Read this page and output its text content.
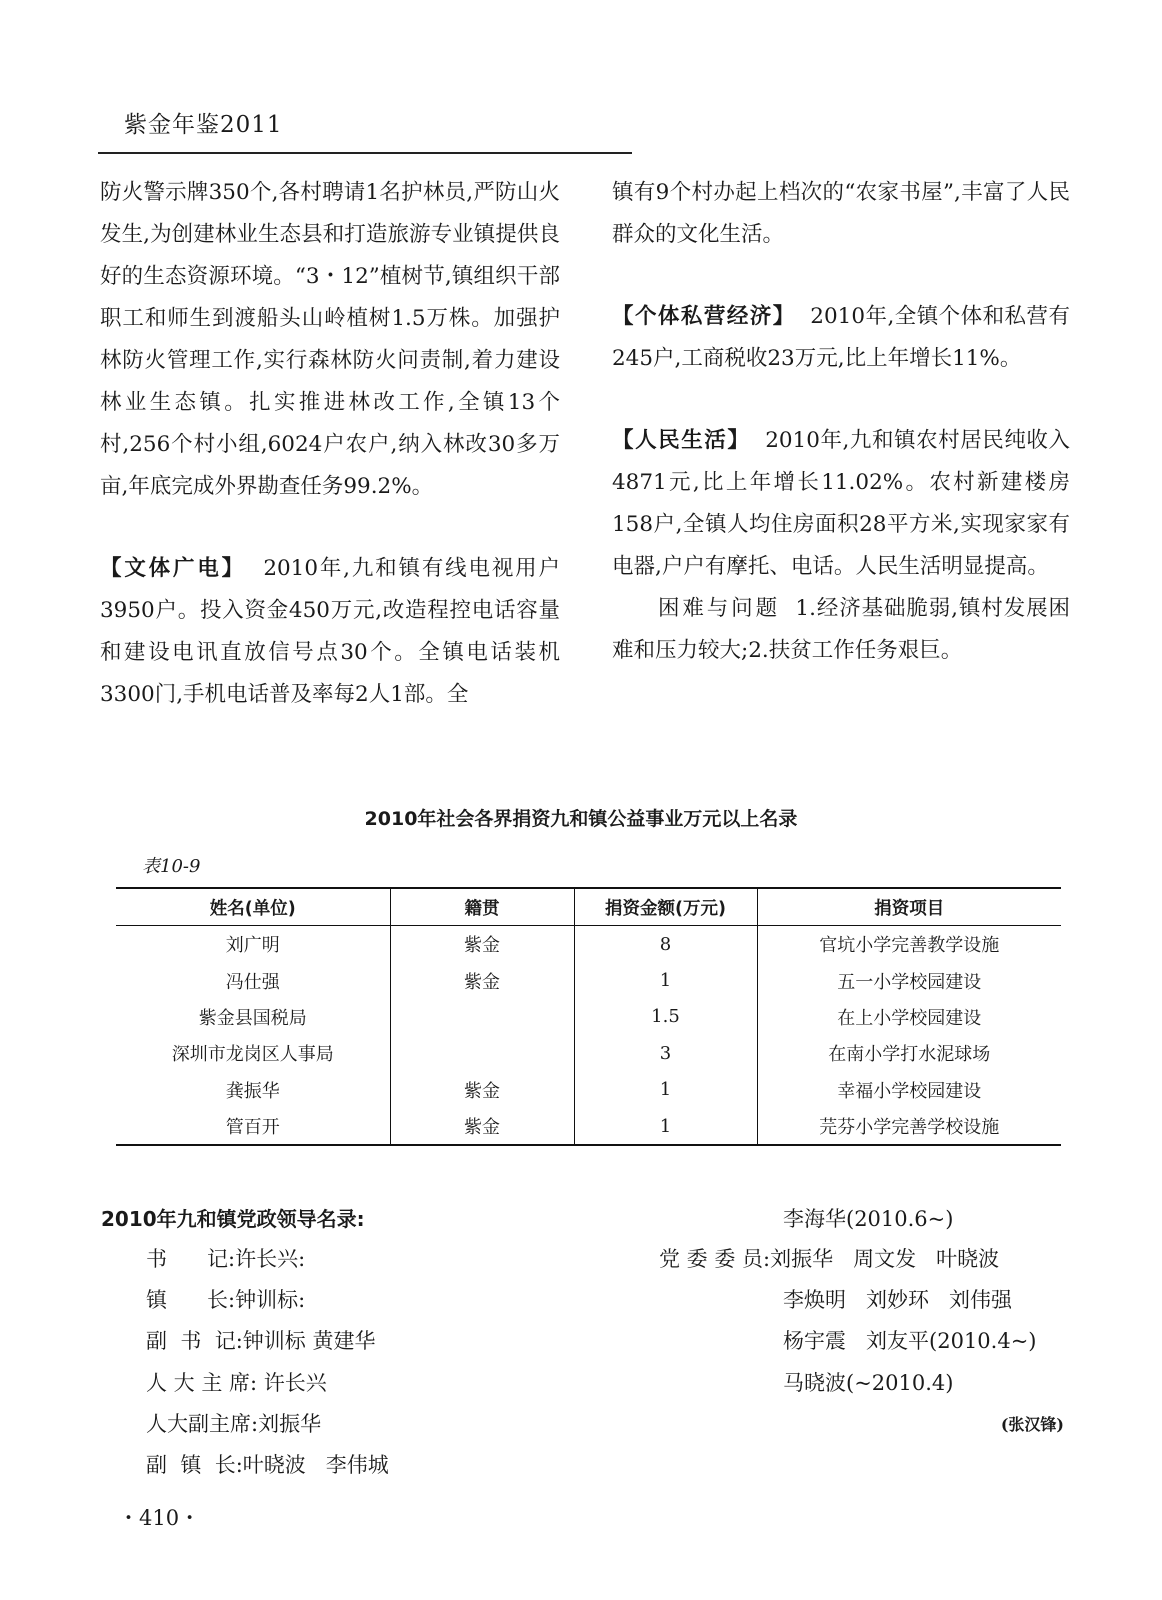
紫金年鉴2011

防火警示牌350个,各村聘请1名护林员,严防山火发生,为创建林业生态县和打造旅游专业镇提供良好的生态资源环境。“3・12”植树节,镇组织干部职工和师生到渡船头山岭植树1.5万株。加强护林防火管理工作,实行森林防火问责制,着力建设林业生态镇。扎实推进林改工作,全镇13个村,256个村小组,6024户农户,纳入林改30多万亩,年底完成外界勘查任务99.2%。

【文体广电】 2010年,九和镇有线电视用户3950户。投入资金450万元,改造程控电话容量和建设电讯直放信号点30个。全镇电话装机3300门,手机电话普及率每2人1部。全

镇有9个村办起上档次的“农家书屋”,丰富了人民群众的文化生活。

【个体私营经济】 2010年,全镇个体和私营有245户,工商税收23万元,比上年增长11%。

【人民生活】 2010年,九和镇农村居民纯收入4871元,比上年增长11.02%。农村新建楼房158户,全镇人均住房面积28平方米,实现家家有电器,户户有摩托、电话。人民生活明显提高。

困难与问题 1.经济基础脆弱,镇村发展困难和压力较大;2.扶贫工作任务艰巨。

2010年社会各界捐资九和镇公益事业万元以上名录
表10-9
姓名(单位)	籍贯	捐资金额(万元)	捐资项目
刘广明	紫金	8	官坑小学完善教学设施
冯仕强	紫金	1	五一小学校园建设
紫金县国税局		1.5	在上小学校园建设
深圳市龙岗区人事局		3	在南小学打水泥球场
龚振华	紫金	1	幸福小学校园建设
管百开	紫金	1	芫芬小学完善学校设施
2010年九和镇党政领导名录:
书      记:许长兴:
镇      长:钟训标:
副  书  记:钟训标 黄建华
人 大 主 席: 许长兴
人大副主席:刘振华
副  镇  长:叶晓波   李伟城
李海华(2010.6~)
党 委 委 员:刘振华   周文发   叶晓波
李焕明   刘妙环   刘伟强
杨宇震   刘友平(2010.4~)
马晓波(~2010.4)
(张汉锋)
・410・
